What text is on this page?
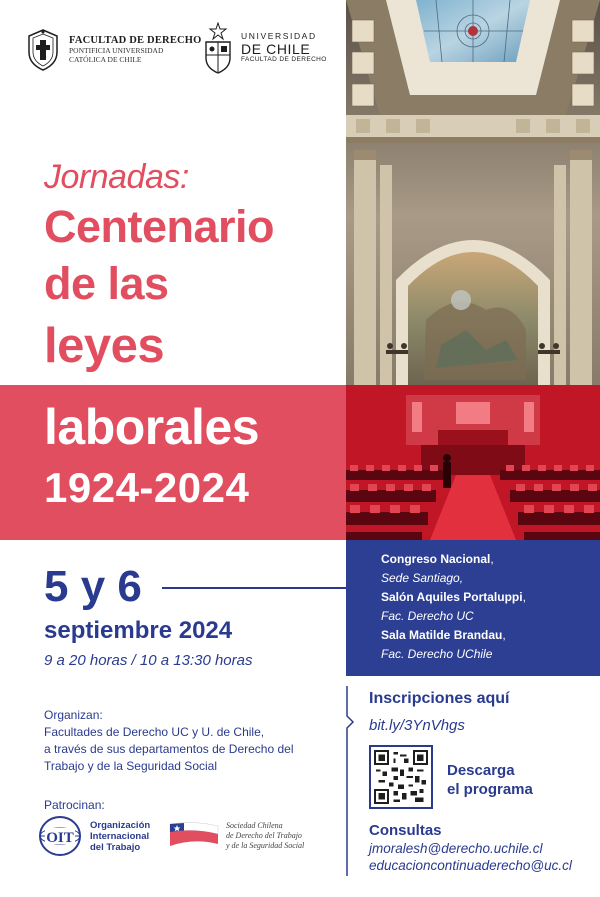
FACULTAD DE DERECHO
PONTIFICIA UNIVERSIDAD
CATÓLICA DE CHILE
UNIVERSIDAD
DE CHILE
FACULTAD DE DERECHO
Jornadas:
Centenario
de las
leyes
laborales
1924-2024
5 y 6
septiembre 2024
9 a 20 horas / 10 a 13:30 horas
Congreso Nacional,
Sede Santiago,
Salón Aquiles Portaluppi,
Fac. Derecho UC
Sala Matilde Brandau,
Fac. Derecho UChile
Organizan:
Facultades de Derecho UC y U. de Chile,
a través de sus departamentos de Derecho del
Trabajo y de la Seguridad Social
Patrocinan:
OIT
Organización
Internacional
del Trabajo
Sociedad Chilena
de Derecho del Trabajo
y de la Seguridad Social
Inscripciones aquí
bit.ly/3YnVhgs
Descarga
el programa
Consultas
jmoralesh@derecho.uchile.cl
educacioncontinuaderecho@uc.cl
